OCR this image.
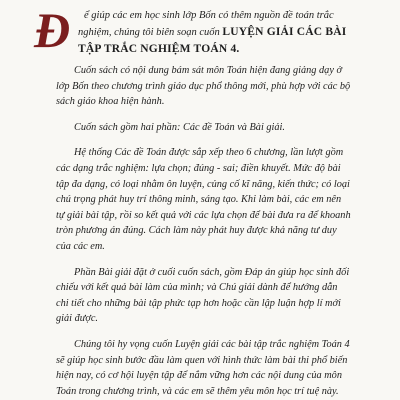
Đ ể giúp các em học sinh lớp Bốn có thêm nguồn đề toán trắc
nghiệm, chúng tôi biên soạn cuốn LUYỆN GIẢI CÁC BÀI
TẬP TRẮC NGHIỆM TOÁN 4.

Cuốn sách có nội dung bám sát môn Toán hiện đang giảng dạy ở
lớp Bốn theo chương trình giáo dục phổ thông mới, phù hợp với các bộ
sách giáo khoa hiện hành.

Cuốn sách gồm hai phần: Các đề Toán và Bài giải.

Hệ thống Các đề Toán được sắp xếp theo 6 chương, lần lượt gồm
các dạng trắc nghiệm: lựa chọn; đúng - sai; điền khuyết. Mức độ bài
tập đa dạng, có loại nhằm ôn luyện, củng cố kĩ năng, kiến thức; có loại
chú trọng phát huy trí thông minh, sáng tạo. Khi làm bài, các em nên
tự giải bài tập, rồi so kết quả với các lựa chọn để bài đưa ra để khoanh
tròn phương án đúng. Cách làm này phát huy được khả năng tư duy
của các em.

Phần Bài giải đặt ở cuối cuốn sách, gồm Đáp án giúp học sinh đối
chiếu với kết quả bài làm của mình; và Chú giải dành để hướng dẫn
chi tiết cho những bài tập phức tạp hơn hoặc cần lập luận hợp lí mới
giải được.

Chúng tôi hy vọng cuốn Luyện giải các bài tập trắc nghiệm Toán 4
sẽ giúp học sinh bước đầu làm quen với hình thức làm bài thi phổ biến
hiện nay, có cơ hội luyện tập để nắm vững hơn các nội dung của môn
Toán trong chương trình, và các em sẽ thêm yêu môn học trí tuệ này.
